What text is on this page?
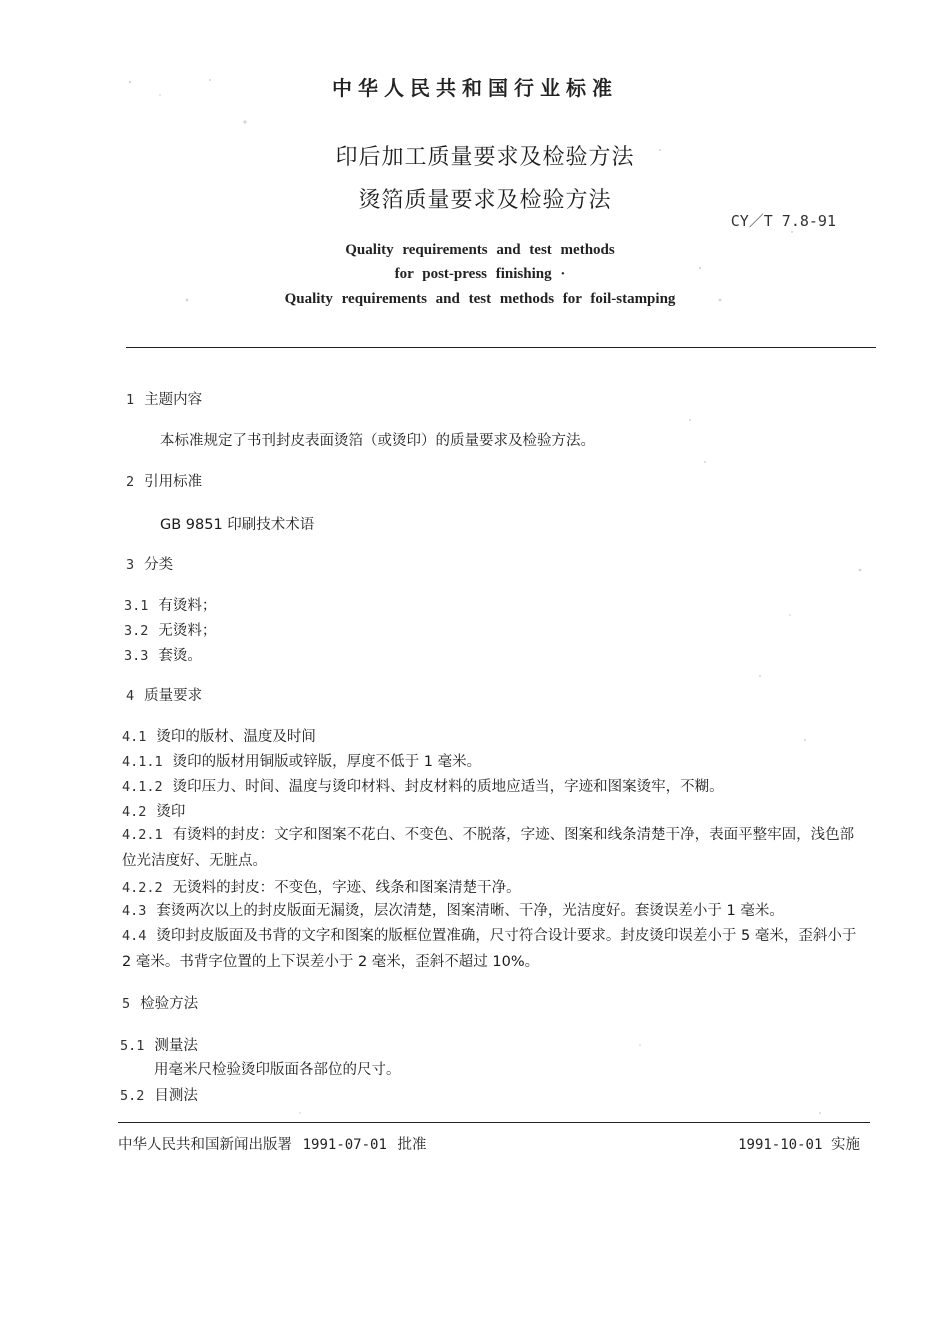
中华人民共和国行业标准
印后加工质量要求及检验方法
烫箔质量要求及检验方法
CY／T 7.8-91
Quality requirements and test methods
for post-press finishing ·
Quality requirements and test methods for foil-stamping
1 主题内容
本标准规定了书刊封皮表面烫箔（或烫印）的质量要求及检验方法。
2 引用标准
GB 9851 印刷技术术语
3 分类
3.1 有烫料；
3.2 无烫料；
3.3 套烫。
4 质量要求
4.1 烫印的版材、温度及时间
4.1.1 烫印的版材用铜版或锌版，厚度不低于 1 毫米。
4.1.2 烫印压力、时间、温度与烫印材料、封皮材料的质地应适当，字迹和图案烫牢，不糊。
4.2 烫印
4.2.1 有烫料的封皮：文字和图案不花白、不变色、不脱落，字迹、图案和线条清楚干净，表面平整牢固，浅色部位光洁度好、无脏点。
4.2.2 无烫料的封皮：不变色，字迹、线条和图案清楚干净。
4.3 套烫两次以上的封皮版面无漏烫，层次清楚，图案清晰、干净，光洁度好。套烫误差小于 1 毫米。
4.4 烫印封皮版面及书背的文字和图案的版框位置准确，尺寸符合设计要求。封皮烫印误差小于 5 毫米，歪斜小于 2 毫米。书背字位置的上下误差小于 2 毫米，歪斜不超过 10%。
5 检验方法
5.1 测量法
用毫米尺检验烫印版面各部位的尺寸。
5.2 目测法
中华人民共和国新闻出版署 1991-07-01 批准	1991-10-01 实施
